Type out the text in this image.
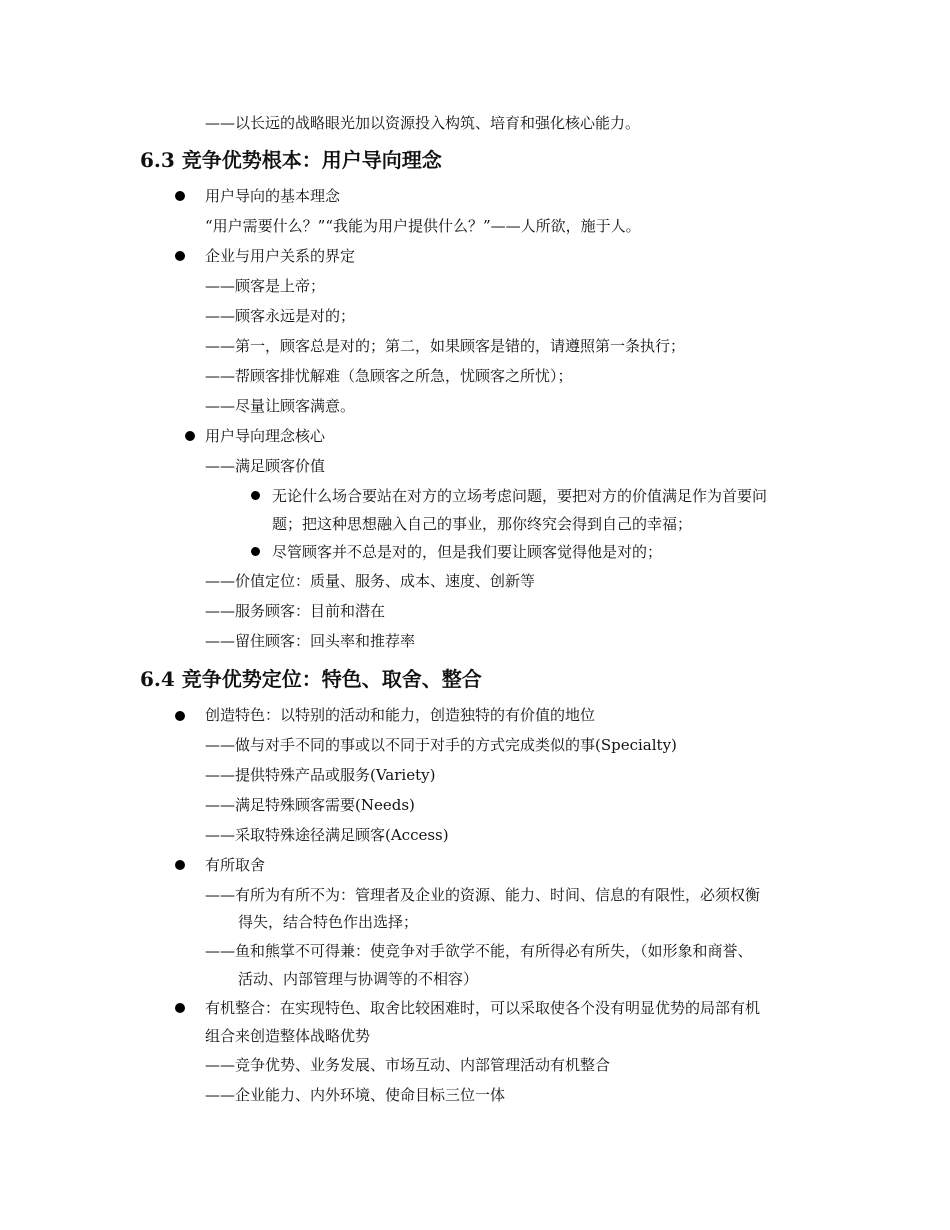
——以长远的战略眼光加以资源投入构筑、培育和强化核心能力。
6.3 竞争优势根本：用户导向理念
用户导向的基本理念
“用户需要什么？”“我能为用户提供什么？”——人所欲，施于人。
企业与用户关系的界定
——顾客是上帝；
——顾客永远是对的；
——第一，顾客总是对的；第二，如果顾客是错的，请遵照第一条执行；
——帮顾客排忧解难（急顾客之所急，忧顾客之所忧）；
——尽量让顾客满意。
用户导向理念核心
——满足顾客价值
无论什么场合要站在对方的立场考虑问题，要把对方的价值满足作为首要问
题；把这种思想融入自己的事业，那你终究会得到自己的幸福；
尽管顾客并不总是对的，但是我们要让顾客觉得他是对的；
——价值定位：质量、服务、成本、速度、创新等
——服务顾客：目前和潜在
——留住顾客：回头率和推荐率
6.4 竞争优势定位：特色、取舍、整合
创造特色：以特别的活动和能力，创造独特的有价值的地位
——做与对手不同的事或以不同于对手的方式完成类似的事(Specialty)
——提供特殊产品或服务(Variety)
——满足特殊顾客需要(Needs)
——采取特殊途径满足顾客(Access)
有所取舍
——有所为有所不为：管理者及企业的资源、能力、时间、信息的有限性，必须权衡
得失，结合特色作出选择；
——鱼和熊掌不可得兼：使竞争对手欲学不能，有所得必有所失，（如形象和商誉、
活动、内部管理与协调等的不相容）
有机整合：在实现特色、取舍比较困难时，可以采取使各个没有明显优势的局部有机
组合来创造整体战略优势
——竞争优势、业务发展、市场互动、内部管理活动有机整合
——企业能力、内外环境、使命目标三位一体
